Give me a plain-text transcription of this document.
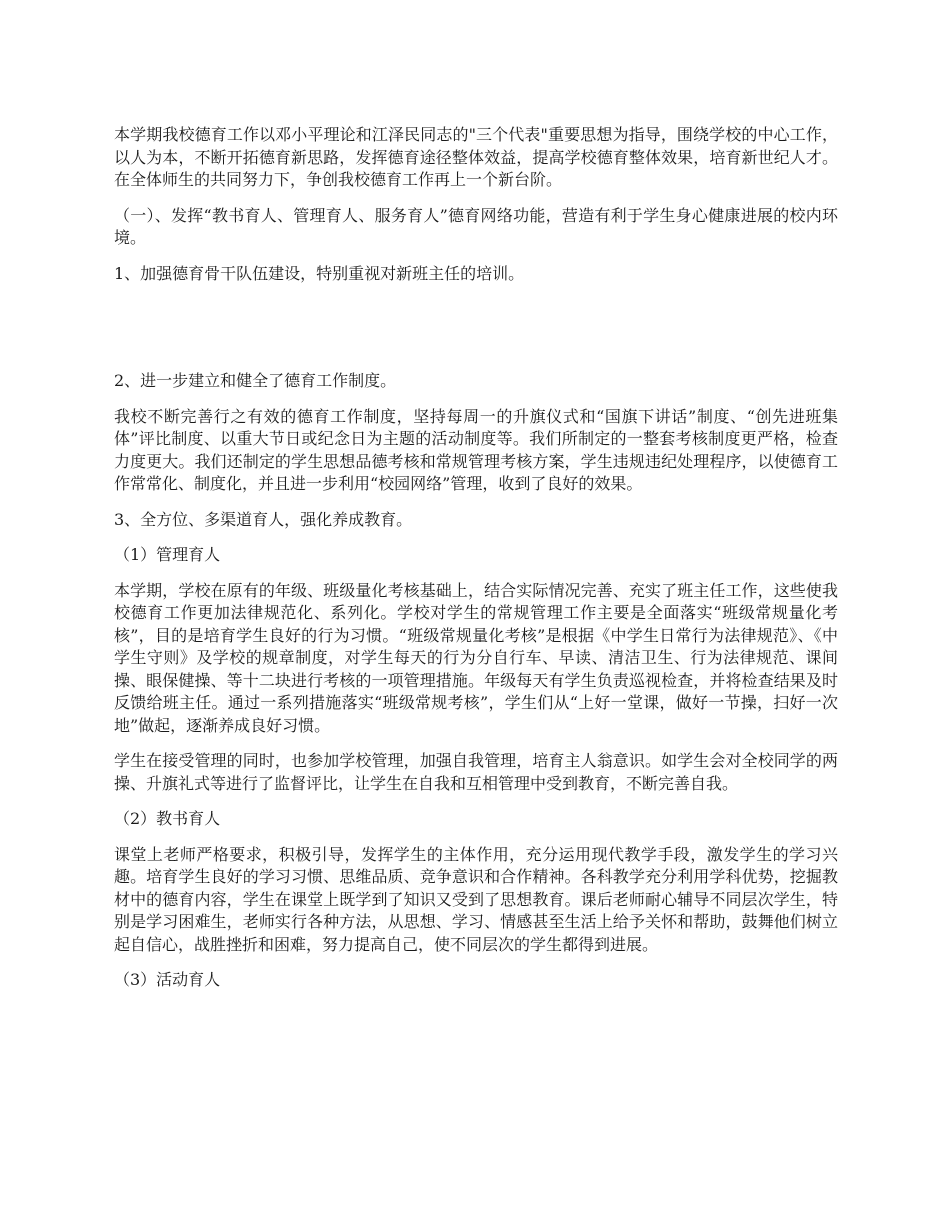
本学期我校德育工作以邓小平理论和江泽民同志的"三个代表"重要思想为指导，围绕学校的中心工作，以人为本，不断开拓德育新思路，发挥德育途径整体效益，提高学校德育整体效果，培育新世纪人才。在全体师生的共同努力下，争创我校德育工作再上一个新台阶。

（一）、发挥“教书育人、管理育人、服务育人”德育网络功能，营造有利于学生身心健康进展的校内环境。

1、加强德育骨干队伍建设，特别重视对新班主任的培训。

2、进一步建立和健全了德育工作制度。

我校不断完善行之有效的德育工作制度，坚持每周一的升旗仪式和“国旗下讲话”制度、“创先进班集体”评比制度、以重大节日或纪念日为主题的活动制度等。我们所制定的一整套考核制度更严格，检查力度更大。我们还制定的学生思想品德考核和常规管理考核方案，学生违规违纪处理程序，以使德育工作常常化、制度化，并且进一步利用“校园网络”管理，收到了良好的效果。

3、全方位、多渠道育人，强化养成教育。

（1）管理育人

本学期，学校在原有的年级、班级量化考核基础上，结合实际情况完善、充实了班主任工作，这些使我校德育工作更加法律规范化、系列化。学校对学生的常规管理工作主要是全面落实“班级常规量化考核”，目的是培育学生良好的行为习惯。“班级常规量化考核”是根据《中学生日常行为法律规范》、《中学生守则》及学校的规章制度，对学生每天的行为分自行车、早读、清洁卫生、行为法律规范、课间操、眼保健操、等十二块进行考核的一项管理措施。年级每天有学生负责巡视检查，并将检查结果及时反馈给班主任。通过一系列措施落实“班级常规考核”，学生们从“上好一堂课，做好一节操，扫好一次地”做起，逐渐养成良好习惯。

学生在接受管理的同时，也参加学校管理，加强自我管理，培育主人翁意识。如学生会对全校同学的两操、升旗礼式等进行了监督评比，让学生在自我和互相管理中受到教育，不断完善自我。

（2）教书育人

课堂上老师严格要求，积极引导，发挥学生的主体作用，充分运用现代教学手段，激发学生的学习兴趣。培育学生良好的学习习惯、思维品质、竞争意识和合作精神。各科教学充分利用学科优势，挖掘教材中的德育内容，学生在课堂上既学到了知识又受到了思想教育。课后老师耐心辅导不同层次学生，特别是学习困难生，老师实行各种方法，从思想、学习、情感甚至生活上给予关怀和帮助，鼓舞他们树立起自信心，战胜挫折和困难，努力提高自己，使不同层次的学生都得到进展。

（3）活动育人
